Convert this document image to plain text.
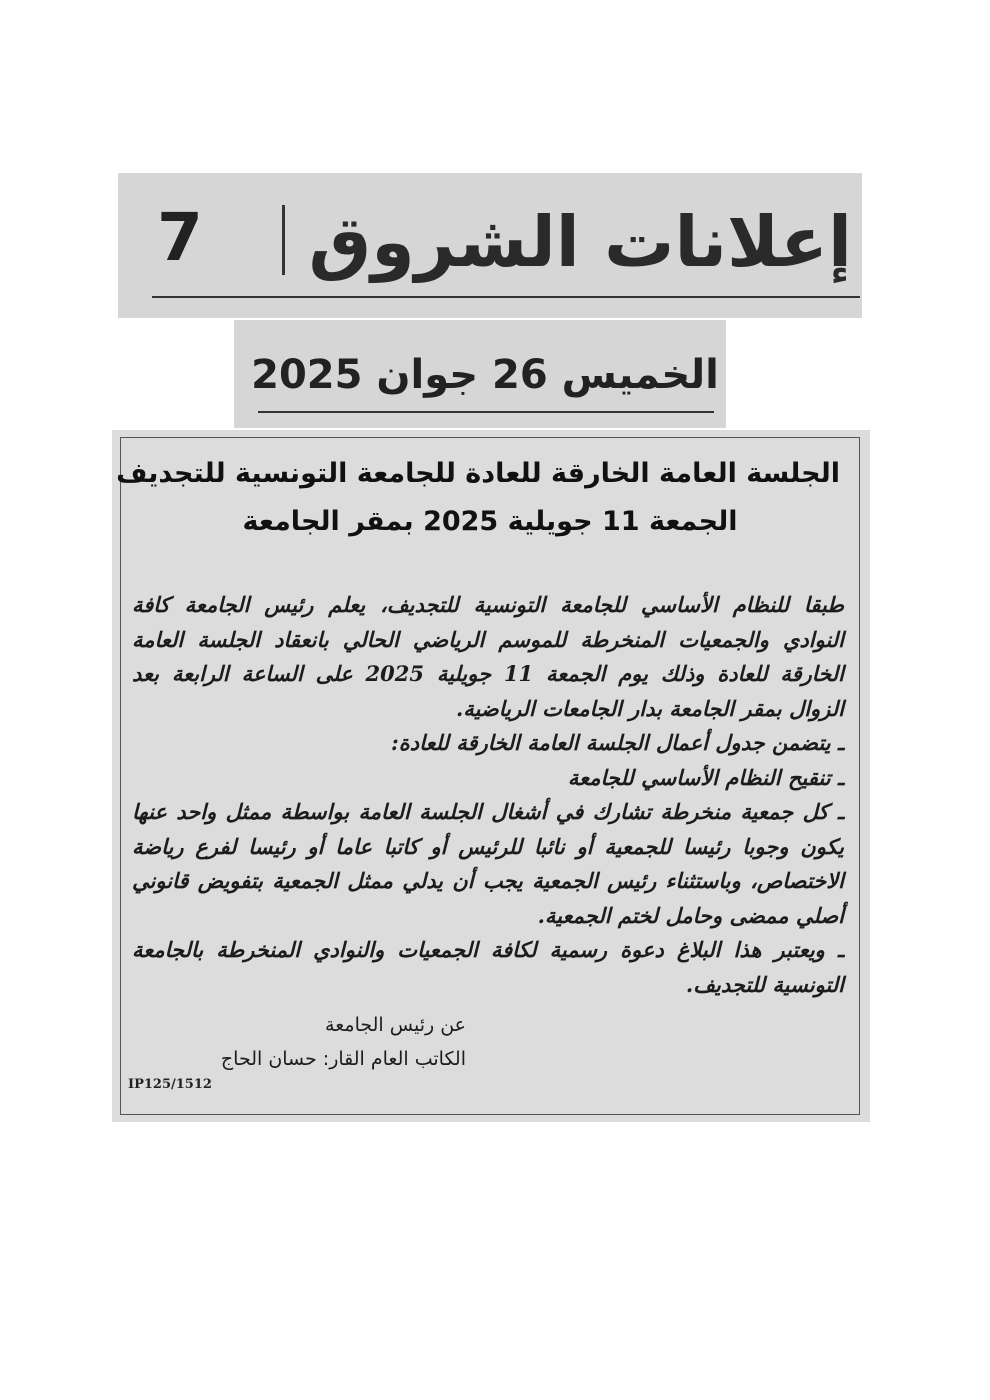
7 إعلانات الشروق
الخميس 26 جوان 2025
الجلسة العامة الخارقة للعادة للجامعة التونسية للتجديف
الجمعة 11 جويلية 2025 بمقر الجامعة

طبقا للنظام الأساسي للجامعة التونسية للتجديف، يعلم رئيس الجامعة كافة النوادي والجمعيات المنخرطة للموسم الرياضي الحالي بانعقاد الجلسة العامة الخارقة للعادة وذلك يوم الجمعة 11 جويلية 2025 على الساعة الرابعة بعد الزوال بمقر الجامعة بدار الجامعات الرياضية.

ـ يتضمن جدول أعمال الجلسة العامة الخارقة للعادة:

ـ تنقيح النظام الأساسي للجامعة

ـ كل جمعية منخرطة تشارك في أشغال الجلسة العامة بواسطة ممثل واحد عنها يكون وجوبا رئيسا للجمعية أو نائبا للرئيس أو كاتبا عاما أو رئيسا لفرع رياضة الاختصاص، وباستثناء رئيس الجمعية يجب أن يدلي ممثل الجمعية بتفويض قانوني أصلي ممضى وحامل لختم الجمعية.

ـ ويعتبر هذا البلاغ دعوة رسمية لكافة الجمعيات والنوادي المنخرطة بالجامعة التونسية للتجديف.

عن رئيس الجامعة
الكاتب العام القار: حسان الحاج
IP125/1512
